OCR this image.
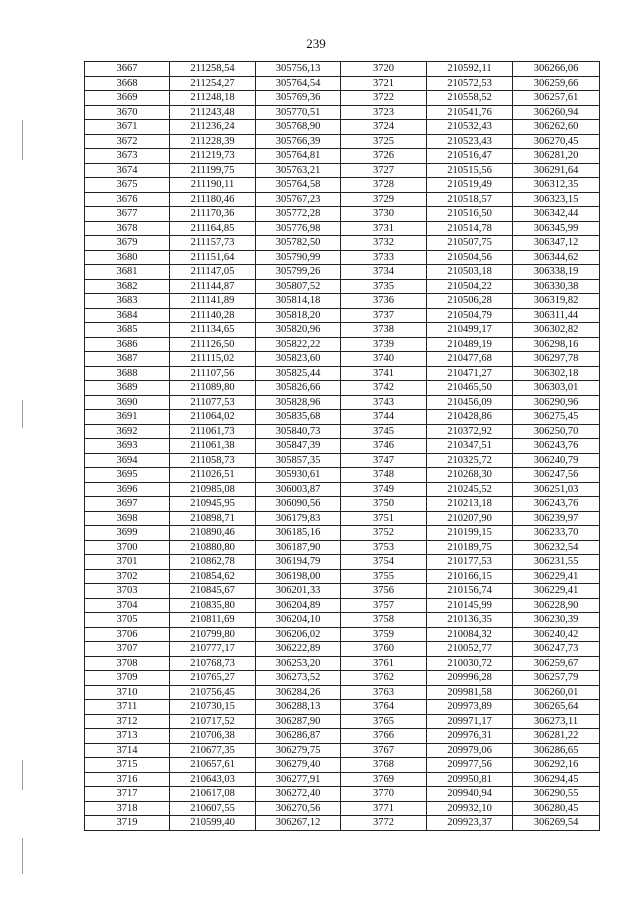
239
3667	211258,54	305756,13	3720	210592,11	306266,06
3668	211254,27	305764,54	3721	210572,53	306259,66
3669	211248,18	305769,36	3722	210558,52	306257,61
3670	211243,48	305770,51	3723	210541,76	306260,94
3671	211236,24	305768,90	3724	210532,43	306262,60
3672	211228,39	305766,39	3725	210523,43	306270,45
3673	211219,73	305764,81	3726	210516,47	306281,20
3674	211199,75	305763,21	3727	210515,56	306291,64
3675	211190,11	305764,58	3728	210519,49	306312,35
3676	211180,46	305767,23	3729	210518,57	306323,15
3677	211170,36	305772,28	3730	210516,50	306342,44
3678	211164,85	305776,98	3731	210514,78	306345,99
3679	211157,73	305782,50	3732	210507,75	306347,12
3680	211151,64	305790,99	3733	210504,56	306344,62
3681	211147,05	305799,26	3734	210503,18	306338,19
3682	211144,87	305807,52	3735	210504,22	306330,38
3683	211141,89	305814,18	3736	210506,28	306319,82
3684	211140,28	305818,20	3737	210504,79	306311,44
3685	211134,65	305820,96	3738	210499,17	306302,82
3686	211126,50	305822,22	3739	210489,19	306298,16
3687	211115,02	305823,60	3740	210477,68	306297,78
3688	211107,56	305825,44	3741	210471,27	306302,18
3689	211089,80	305826,66	3742	210465,50	306303,01
3690	211077,53	305828,96	3743	210456,09	306290,96
3691	211064,02	305835,68	3744	210428,86	306275,45
3692	211061,73	305840,73	3745	210372,92	306250,70
3693	211061,38	305847,39	3746	210347,51	306243,76
3694	211058,73	305857,35	3747	210325,72	306240,79
3695	211026,51	305930,61	3748	210268,30	306247,56
3696	210985,08	306003,87	3749	210245,52	306251,03
3697	210945,95	306090,56	3750	210213,18	306243,76
3698	210898,71	306179,83	3751	210207,90	306239,97
3699	210890,46	306185,16	3752	210199,15	306233,70
3700	210880,80	306187,90	3753	210189,75	306232,54
3701	210862,78	306194,79	3754	210177,53	306231,55
3702	210854,62	306198,00	3755	210166,15	306229,41
3703	210845,67	306201,33	3756	210156,74	306229,41
3704	210835,80	306204,89	3757	210145,99	306228,90
3705	210811,69	306204,10	3758	210136,35	306230,39
3706	210799,80	306206,02	3759	210084,32	306240,42
3707	210777,17	306222,89	3760	210052,77	306247,73
3708	210768,73	306253,20	3761	210030,72	306259,67
3709	210765,27	306273,52	3762	209996,28	306257,79
3710	210756,45	306284,26	3763	209981,58	306260,01
3711	210730,15	306288,13	3764	209973,89	306265,64
3712	210717,52	306287,90	3765	209971,17	306273,11
3713	210706,38	306286,87	3766	209976,31	306281,22
3714	210677,35	306279,75	3767	209979,06	306286,65
3715	210657,61	306279,40	3768	209977,56	306292,16
3716	210643,03	306277,91	3769	209950,81	306294,45
3717	210617,08	306272,40	3770	209940,94	306290,55
3718	210607,55	306270,56	3771	209932,10	306280,45
3719	210599,40	306267,12	3772	209923,37	306269,54
